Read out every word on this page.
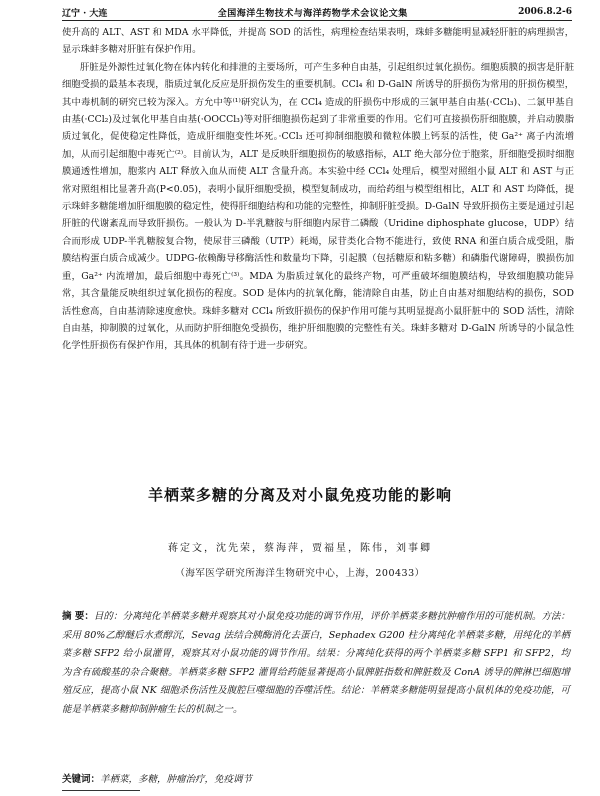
辽宁 · 大连	全国海洋生物技术与海洋药物学术会议论文集	2006.8.2-6

使升高的 ALT、AST 和 MDA 水平降低，并提高 SOD 的活性，病理检查结果表明，珠蚌多糖能明显减轻肝脏的病理损害，显示珠蚌多糖对肝脏有保护作用。

肝脏是外源性过氧化物在体内转化和排泄的主要场所，可产生多种自由基，引起组织过氧化损伤。细胞质膜的损害是肝脏细胞受损的最基本表现，脂质过氧化反应是肝损伤发生的重要机制。CCl₄ 和 D-GalN 所诱导的肝损伤为常用的肝损伤模型，其中毒机制的研究已较为深入。方允中等⁽¹⁾研究认为，在 CCl₄ 造成的肝损伤中形成的三氯甲基自由基(·CCl₃)、二氯甲基自由基(·CCl₂)及过氧化甲基自由基(·OOCCl₃)等对肝细胞损伤起到了非常重要的作用。它们可直接损伤肝细胞膜，并启动膜脂质过氧化，促使稳定性降低，造成肝细胞变性坏死。·CCl₃ 还可抑制细胞膜和微粒体膜上钙泵的活性，使 Ga²⁺ 离子内流增加，从而引起细胞中毒死亡⁽²⁾。目前认为，ALT 是反映肝细胞损伤的敏感指标，ALT 绝大部分位于胞浆，肝细胞受损时细胞膜通透性增加，胞浆内 ALT 释放入血从而使 ALT 含量升高。本实验中经 CCl₄ 处理后，模型对照组小鼠 ALT 和 AST 与正常对照组相比显著升高(P<0.05)，表明小鼠肝细胞受损，模型复制成功，而给药组与模型组相比，ALT 和 AST 均降低，提示珠蚌多糖能增加肝细胞膜的稳定性，使得肝细胞结构和功能的完整性，抑制肝脏受损。D-GalN 导致肝损伤主要是通过引起肝脏的代谢紊乱而导致肝损伤。一般认为 D-半乳糖胺与肝细胞内尿苷二磷酸（Uridine diphosphate glucose，UDP）结合而形成 UDP-半乳糖胺复合物，使尿苷三磷酸（UTP）耗竭，尿苷类化合物不能进行，致使 RNA 和蛋白质合成受阻，脂膜结构蛋白质合成减少。UDPG-依赖酶导移酶活性和数量均下降，引起膜（包括糖原和粘多糖）和磷脂代谢障碍，膜损伤加重，Ga²⁺ 内流增加，最后细胞中毒死亡⁽³⁾。MDA 为脂质过氧化的最终产物，可严重破坏细胞膜结构，导致细胞膜功能异常，其含量能反映组织过氧化损伤的程度。SOD 是体内的抗氧化酶，能清除自由基，防止自由基对细胞结构的损伤，SOD 活性愈高，自由基清除速度愈快。珠蚌多糖对 CCl₄ 所致肝损伤的保护作用可能与其明显提高小鼠肝脏中的 SOD 活性，清除自由基，抑制膜的过氧化，从而防护肝细胞免受损伤，维护肝细胞膜的完整性有关。珠蚌多糖对 D-GalN 所诱导的小鼠急性化学性肝损伤有保护作用，其具体的机制有待于进一步研究。

羊栖菜多糖的分离及对小鼠免疫功能的影响
蒋定文，沈先荣，蔡海萍，贾福星，陈伟，刘事卿
（海军医学研究所海洋生物研究中心，上海，200433）
摘 要：目的：分离纯化羊栖菜多糖并观察其对小鼠免疫功能的调节作用，评价羊栖菜多糖抗肿瘤作用的可能机制。方法：采用 80%乙醇醚后水煮醇沉，Sevag 法结合胰酶消化去蛋白，Sephadex G200 柱分离纯化羊栖菜多糖，用纯化的羊栖菜多糖 SFP2 给小鼠灌胃，观察其对小鼠功能的调节作用。结果：分离纯化获得的两个羊栖菜多糖 SFP1 和 SFP2，均为含有硫酸基的杂合聚糖。羊栖菜多糖 SFP2 灌胃给药能显著提高小鼠脾脏指数和脾脏数及 ConA 诱导的脾淋巴细胞增殖反应，提高小鼠 NK 细胞杀伤活性及腹腔巨噬细胞的吞噬活性。结论：羊栖菜多糖能明显提高小鼠机体的免疫功能，可能是羊栖菜多糖抑制肿瘤生长的机制之一。
关键词：羊栖菜，多糖，肿瘤治疗，免疫调节
